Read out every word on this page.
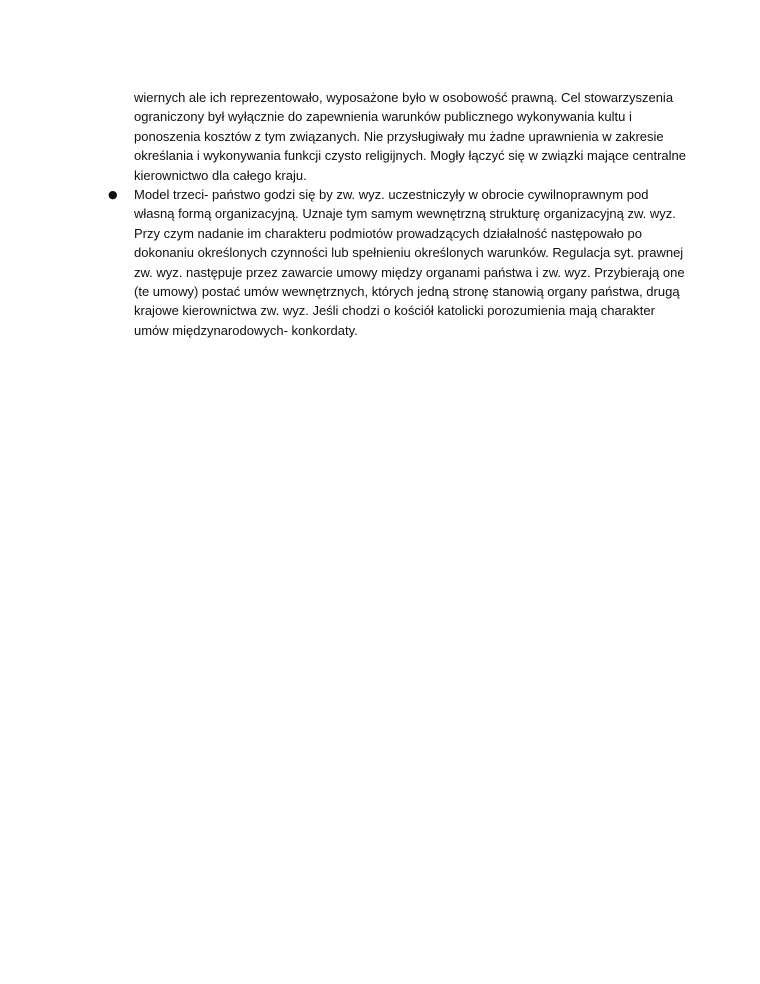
wiernych ale ich reprezentowało, wyposażone było w osobowość prawną. Cel stowarzyszenia
ograniczony był wyłącznie do zapewnienia warunków publicznego wykonywania kultu i
ponoszenia kosztów z tym związanych. Nie przysługiwały mu żadne uprawnienia w zakresie
określania i wykonywania funkcji czysto religijnych. Mogły łączyć się w związki mające centralne
kierownictwo dla całego kraju.
● Model trzeci- państwo godzi się by zw. wyz. uczestniczyły w obrocie cywilnoprawnym pod
własną formą organizacyjną. Uznaje tym samym wewnętrzną strukturę organizacyjną zw. wyz.
Przy czym nadanie im charakteru podmiotów prowadzących działalność następowało po
dokonaniu określonych czynności lub spełnieniu określonych warunków. Regulacja syt. prawnej
zw. wyz. następuje przez zawarcie umowy między organami państwa i zw. wyz. Przybierają one
(te umowy) postać umów wewnętrznych, których jedną stronę stanowią organy państwa, drugą
krajowe kierownictwa zw. wyz. Jeśli chodzi o kościół katolicki porozumienia mają charakter
umów międzynarodowych- konkordaty.
